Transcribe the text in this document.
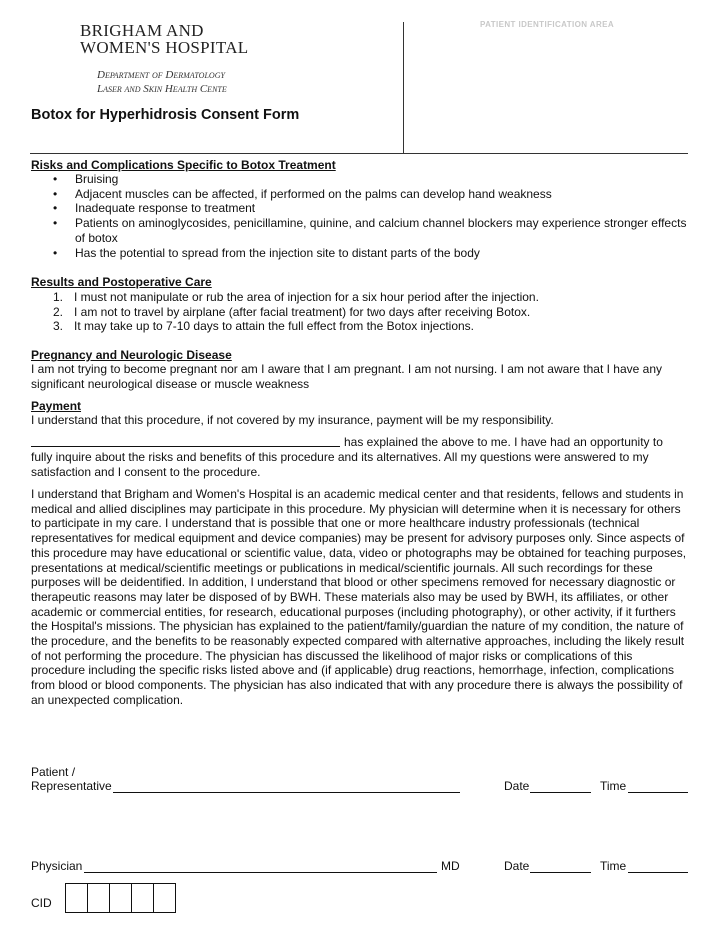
BRIGHAM AND
WOMEN'S HOSPITAL
Department of Dermatology
Laser and Skin Health Cente
Botox for Hyperhidrosis Consent Form
PATIENT IDENTIFICATION AREA
Risks and Complications Specific to Botox Treatment
• Bruising
• Adjacent muscles can be affected, if performed on the palms can develop hand weakness
• Inadequate response to treatment
• Patients on aminoglycosides, penicillamine, quinine, and calcium channel blockers may experience stronger effects of botox
• Has the potential to spread from the injection site to distant parts of the body
Results and Postoperative Care
1. I must not manipulate or rub the area of injection for a six hour period after the injection.
2. I am not to travel by airplane (after facial treatment) for two days after receiving Botox.
3. It may take up to 7-10 days to attain the full effect from the Botox injections.
Pregnancy and Neurologic Disease
I am not trying to become pregnant nor am I aware that I am pregnant. I am not nursing. I am not aware that I have any significant neurological disease or muscle weakness
Payment
I understand that this procedure, if not covered by my insurance, payment will be my responsibility.
has explained the above to me. I have had an opportunity to
fully inquire about the risks and benefits of this procedure and its alternatives. All my questions were answered to my satisfaction and I consent to the procedure.
I understand that Brigham and Women's Hospital is an academic medical center and that residents, fellows and students in medical and allied disciplines may participate in this procedure. My physician will determine when it is necessary for others to participate in my care. I understand that is possible that one or more healthcare industry professionals (technical representatives for medical equipment and device companies) may be present for advisory purposes only. Since aspects of this procedure may have educational or scientific value, data, video or photographs may be obtained for teaching purposes, presentations at medical/scientific meetings or publications in medical/scientific journals. All such recordings for these purposes will be deidentified. In addition, I understand that blood or other specimens removed for necessary diagnostic or therapeutic reasons may later be disposed of by BWH. These materials also may be used by BWH, its affiliates, or other academic or commercial entities, for research, educational purposes (including photography), or other activity, if it furthers the Hospital's missions. The physician has explained to the patient/family/guardian the nature of my condition, the nature of the procedure, and the benefits to be reasonably expected compared with alternative approaches, including the likely result of not performing the procedure. The physician has discussed the likelihood of major risks or complications of this procedure including the specific risks listed above and (if applicable) drug reactions, hemorrhage, infection, complications from blood or blood components. The physician has also indicated that with any procedure there is always the possibility of an unexpected complication.
Patient /
Representative	Date	Time
Physician	MD	Date	Time
CID
